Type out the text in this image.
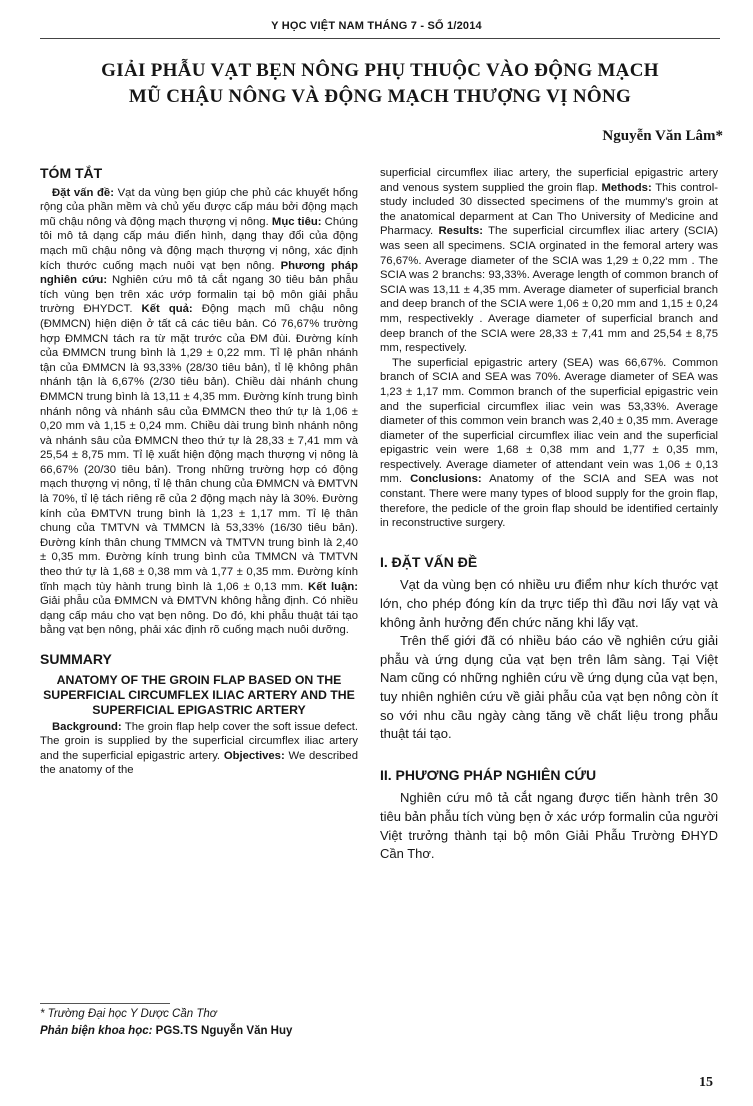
Y HỌC VIỆT NAM THÁNG 7 - SỐ 1/2014
GIẢI PHẪU VẠT BẸN NÔNG PHỤ THUỘC VÀO ĐỘNG MẠCH
MŨ CHẬU NÔNG VÀ ĐỘNG MẠCH THƯỢNG VỊ NÔNG
Nguyễn Văn Lâm*
TÓM TẮT

Đặt vấn đề: Vạt da vùng bẹn giúp che phủ các khuyết hổng rộng của phần mềm và chủ yếu được cấp máu bởi động mạch mũ chậu nông và động mạch thượng vị nông. Mục tiêu: Chúng tôi mô tả dạng cấp máu điển hình, dạng thay đổi của động mạch mũ chậu nông và động mạch thượng vị nông, xác định kích thước cuống mạch nuôi vạt bẹn nông. Phương pháp nghiên cứu: Nghiên cứu mô tả cắt ngang 30 tiêu bản phẫu tích vùng bẹn trên xác ướp formalin tại bộ môn giải phẫu trường ĐHYDCT. Kết quả: Động mạch mũ chậu nông (ĐMMCN) hiện diện ở tất cả các tiêu bản. Có 76,67% trường hợp ĐMMCN tách ra từ mặt trước của ĐM đùi. Đường kính của ĐMMCN trung bình là 1,29 ± 0,22 mm. Tỉ lệ phân nhánh tận của ĐMMCN là 93,33% (28/30 tiêu bản), tỉ lệ không phân nhánh tận là 6,67% (2/30 tiêu bản). Chiều dài nhánh chung ĐMMCN trung bình là 13,11 ± 4,35 mm. Đường kính trung bình nhánh nông và nhánh sâu của ĐMMCN theo thứ tự là 1,06 ± 0,20 mm và 1,15 ± 0,24 mm. Chiều dài trung bình nhánh nông và nhánh sâu của ĐMMCN theo thứ tự là 28,33 ± 7,41 mm và 25,54 ± 8,75 mm. Tỉ lệ xuất hiện động mạch thượng vị nông là 66,67% (20/30 tiêu bản). Trong những trường hợp có động mạch thượng vị nông, tỉ lệ thân chung của ĐMMCN và ĐMTVN là 70%, tỉ lệ tách riêng rẽ của 2 động mạch này là 30%. Đường kính của ĐMTVN trung bình là 1,23 ± 1,17 mm. Tỉ lệ thân chung của TMTVN và TMMCN là 53,33% (16/30 tiêu bản). Đường kính thân chung TMMCN và TMTVN trung bình là 2,40 ± 0,35 mm. Đường kính trung bình của TMMCN và TMTVN theo thứ tự là 1,68 ± 0,38 mm và 1,77 ± 0,35 mm. Đường kính tĩnh mạch tùy hành trung bình là 1,06 ± 0,13 mm. Kết luận: Giải phẫu của ĐMMCN và ĐMTVN không hằng định. Có nhiều dạng cấp máu cho vạt bẹn nông. Do đó, khi phẫu thuật tái tạo bằng vạt bẹn nông, phải xác định rõ cuống mạch nuôi dưỡng.

SUMMARY
ANATOMY OF THE GROIN FLAP BASED ON THE SUPERFICIAL CIRCUMFLEX ILIAC ARTERY AND THE SUPERFICIAL EPIGASTRIC ARTERY

Background: The groin flap help cover the soft issue defect. The groin is supplied by the superficial circumflex iliac artery and the superficial epigastric artery. Objectives: We described the anatomy of the

superficial circumflex iliac artery, the superficial epigastric artery and venous system supplied the groin flap. Methods: This control-study included 30 dissected specimens of the mummy's groin at the anatomical deparment at Can Tho University of Medicine and Pharmacy. Results: The superficial circumflex iliac artery (SCIA) was seen all specimens. SCIA orginated in the femoral artery was 76,67%. Average diameter of the SCIA was 1,29 ± 0,22 mm . The SCIA was 2 branchs: 93,33%. Average length of common branch of SCIA was 13,11 ± 4,35 mm. Average diameter of superficial branch and deep branch of the SCIA were 1,06 ± 0,20 mm and 1,15 ± 0,24 mm, respectivekly . Average diameter of superficial branch and deep branch of the SCIA were 28,33 ± 7,41 mm and 25,54 ± 8,75 mm, respectively.

The superficial epigastric artery (SEA) was 66,67%. Common branch of SCIA and SEA was 70%. Average diameter of SEA was 1,23 ± 1,17 mm. Common branch of the superficial epigastric vein and the superficial circumflex iliac vein was 53,33%. Average diameter of this common vein branch was 2,40 ± 0,35 mm. Average diameter of the superficial circumflex iliac vein and the superficial epigastric vein were 1,68 ± 0,38 mm and 1,77 ± 0,35 mm, respectively. Average diameter of attendant vein was 1,06 ± 0,13 mm. Conclusions: Anatomy of the SCIA and SEA was not constant. There were many types of blood supply for the groin flap, therefore, the pedicle of the groin flap should be identified certainly in reconstructive surgery.

I. ĐẶT VẤN ĐỀ

Vạt da vùng bẹn có nhiều ưu điểm như kích thước vạt lớn, cho phép đóng kín da trực tiếp thì đầu nơi lấy vạt và không ảnh hưởng đến chức năng khi lấy vạt.

Trên thế giới đã có nhiều báo cáo về nghiên cứu giải phẫu và ứng dụng của vạt bẹn trên lâm sàng. Tại Việt Nam cũng có những nghiên cứu về ứng dụng của vạt bẹn, tuy nhiên nghiên cứu về giải phẫu của vạt bẹn nông còn ít so với nhu cầu ngày càng tăng về chất liệu trong phẫu thuật tái tạo.

II. PHƯƠNG PHÁP NGHIÊN CỨU

Nghiên cứu mô tả cắt ngang được tiến hành trên 30 tiêu bản phẫu tích vùng bẹn ở xác ướp formalin của người Việt trưởng thành tại bộ môn Giải Phẫu Trường ĐHYD Cần Thơ.

* Trường Đại học Y Dược Cần Thơ
Phản biện khoa học: PGS.TS Nguyễn Văn Huy
15
